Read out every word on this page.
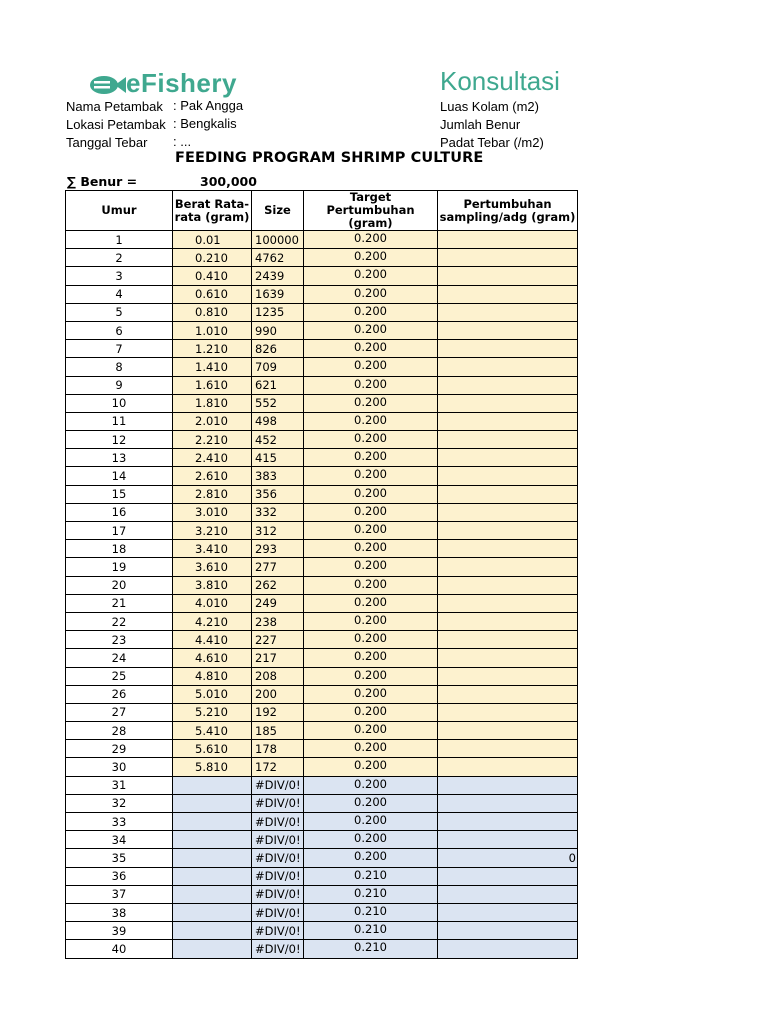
eFishery	Konsultasi
Nama Petambak : Pak Angga
Lokasi Petambak : Bengkalis
Tanggal Tebar : ...
Luas Kolam (m2)
Jumlah Benur
Padat Tebar (/m2)
FEEDING PROGRAM SHRIMP CULTURE
∑ Benur =	300,000
Umur	Berat Rata-rata (gram)	Size	Target Pertumbuhan (gram)	Pertumbuhan sampling/adg (gram)
1	0.01	100000	0.200	
2	0.210	4762	0.200	
3	0.410	2439	0.200	
4	0.610	1639	0.200	
5	0.810	1235	0.200	
6	1.010	990	0.200	
7	1.210	826	0.200	
8	1.410	709	0.200	
9	1.610	621	0.200	
10	1.810	552	0.200	
11	2.010	498	0.200	
12	2.210	452	0.200	
13	2.410	415	0.200	
14	2.610	383	0.200	
15	2.810	356	0.200	
16	3.010	332	0.200	
17	3.210	312	0.200	
18	3.410	293	0.200	
19	3.610	277	0.200	
20	3.810	262	0.200	
21	4.010	249	0.200	
22	4.210	238	0.200	
23	4.410	227	0.200	
24	4.610	217	0.200	
25	4.810	208	0.200	
26	5.010	200	0.200	
27	5.210	192	0.200	
28	5.410	185	0.200	
29	5.610	178	0.200	
30	5.810	172	0.200	
31		#DIV/0!	0.200	
32		#DIV/0!	0.200	
33		#DIV/0!	0.200	
34		#DIV/0!	0.200	
35		#DIV/0!	0.200	0
36		#DIV/0!	0.210	
37		#DIV/0!	0.210	
38		#DIV/0!	0.210	
39		#DIV/0!	0.210	
40		#DIV/0!	0.210	
